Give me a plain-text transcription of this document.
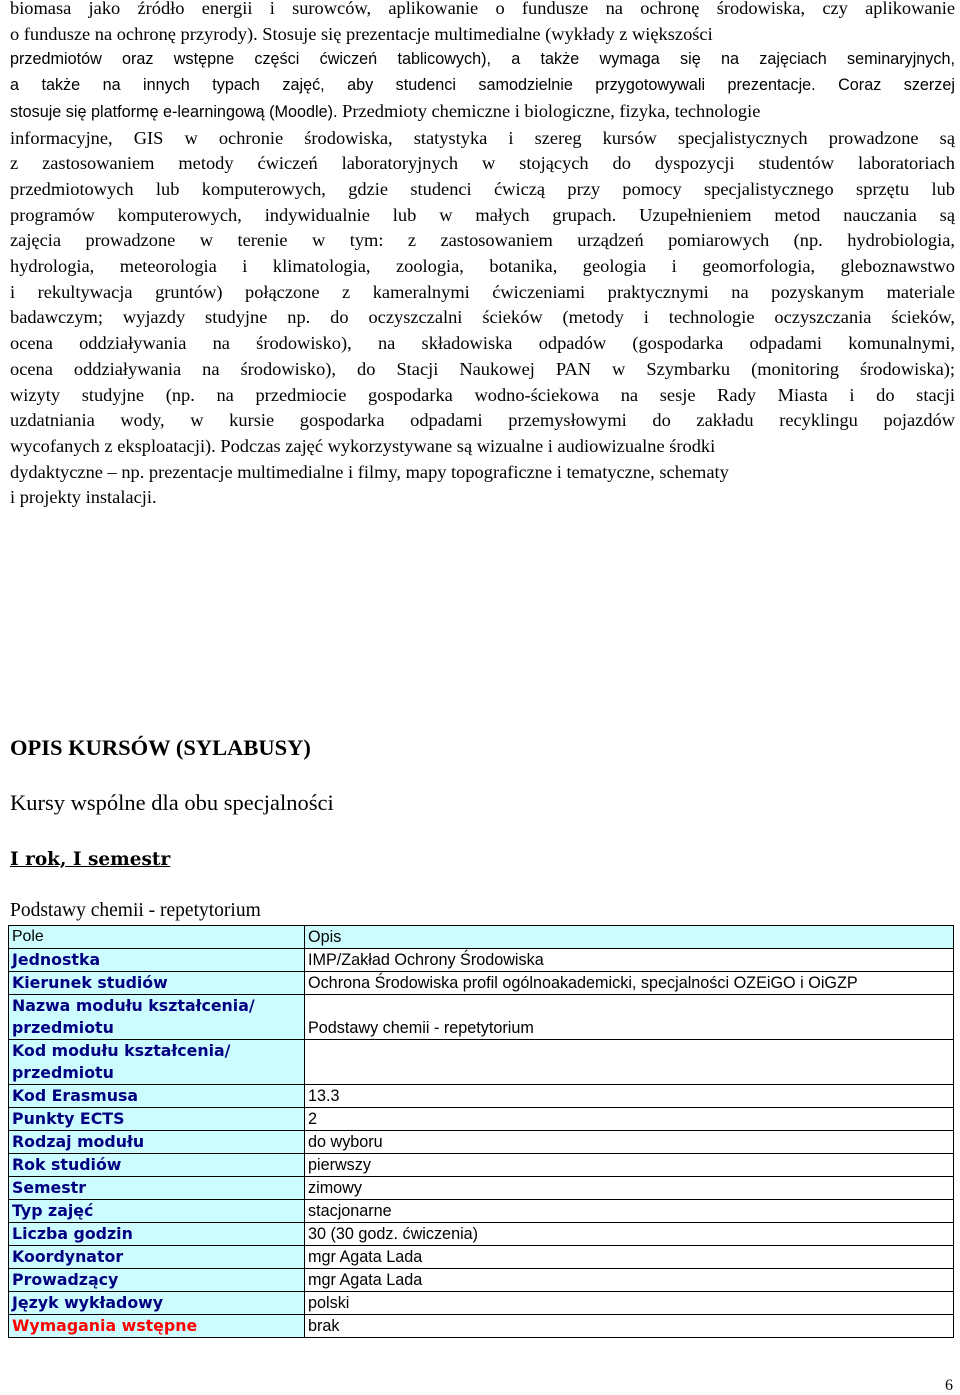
biomasa jako źródło energii i surowców, aplikowanie o fundusze na ochronę środowiska, czy aplikowanie
o fundusze na ochronę przyrody). Stosuje się prezentacje multimedialne (wykłady z większości
przedmiotów oraz wstępne części ćwiczeń tablicowych), a także wymaga się na zajęciach seminaryjnych,
a także na innych typach zajęć, aby studenci samodzielnie przygotowywali prezentacje. Coraz szerzej
stosuje się platformę e-learningową (Moodle). Przedmioty chemiczne i biologiczne, fizyka, technologie
informacyjne, GIS w ochronie środowiska, statystyka i szereg kursów specjalistycznych prowadzone są
z zastosowaniem metody ćwiczeń laboratoryjnych w stojących do dyspozycji studentów laboratoriach
przedmiotowych lub komputerowych, gdzie studenci ćwiczą przy pomocy specjalistycznego sprzętu lub
programów komputerowych, indywidualnie lub w małych grupach. Uzupełnieniem metod nauczania są
zajęcia prowadzone w terenie w tym: z zastosowaniem urządzeń pomiarowych (np. hydrobiologia,
hydrologia, meteorologia i klimatologia, zoologia, botanika, geologia i geomorfologia, gleboznawstwo
i rekultywacja gruntów) połączone z kameralnymi ćwiczeniami praktycznymi na pozyskanym materiale
badawczym; wyjazdy studyjne np. do oczyszczalni ścieków (metody i technologie oczyszczania ścieków,
ocena oddziaływania na środowisko), na składowiska odpadów (gospodarka odpadami komunalnymi,
ocena oddziaływania na środowisko), do Stacji Naukowej PAN w Szymbarku (monitoring środowiska);
wizyty studyjne (np. na przedmiocie gospodarka wodno-ściekowa na sesje Rady Miasta i do stacji
uzdatniania wody, w kursie gospodarka odpadami przemysłowymi do zakładu recyklingu pojazdów
wycofanych z eksploatacji). Podczas zajęć wykorzystywane są wizualne i audiowizualne środki
dydaktyczne – np. prezentacje multimedialne i filmy, mapy topograficzne i tematyczne, schematy
i projekty instalacji.
OPIS KURSÓW (SYLABUSY)
Kursy wspólne dla obu specjalności
I rok, I semestr
Podstawy chemii - repetytorium
Pole	Opis
Jednostka	IMP/Zakład Ochrony Środowiska
Kierunek studiów	Ochrona Środowiska profil ogólnoakademicki, specjalności OZEiGO i OiGZP
Nazwa modułu kształcenia/ przedmiotu	Podstawy chemii - repetytorium
Kod modułu kształcenia/ przedmiotu	
Kod Erasmusa	13.3
Punkty ECTS	2
Rodzaj modułu	do wyboru
Rok studiów	pierwszy
Semestr	zimowy
Typ zajęć	stacjonarne
Liczba godzin	30 (30 godz. ćwiczenia)
Koordynator	mgr Agata Lada
Prowadzący	mgr Agata Lada
Język wykładowy	polski
Wymagania wstępne	brak
6
